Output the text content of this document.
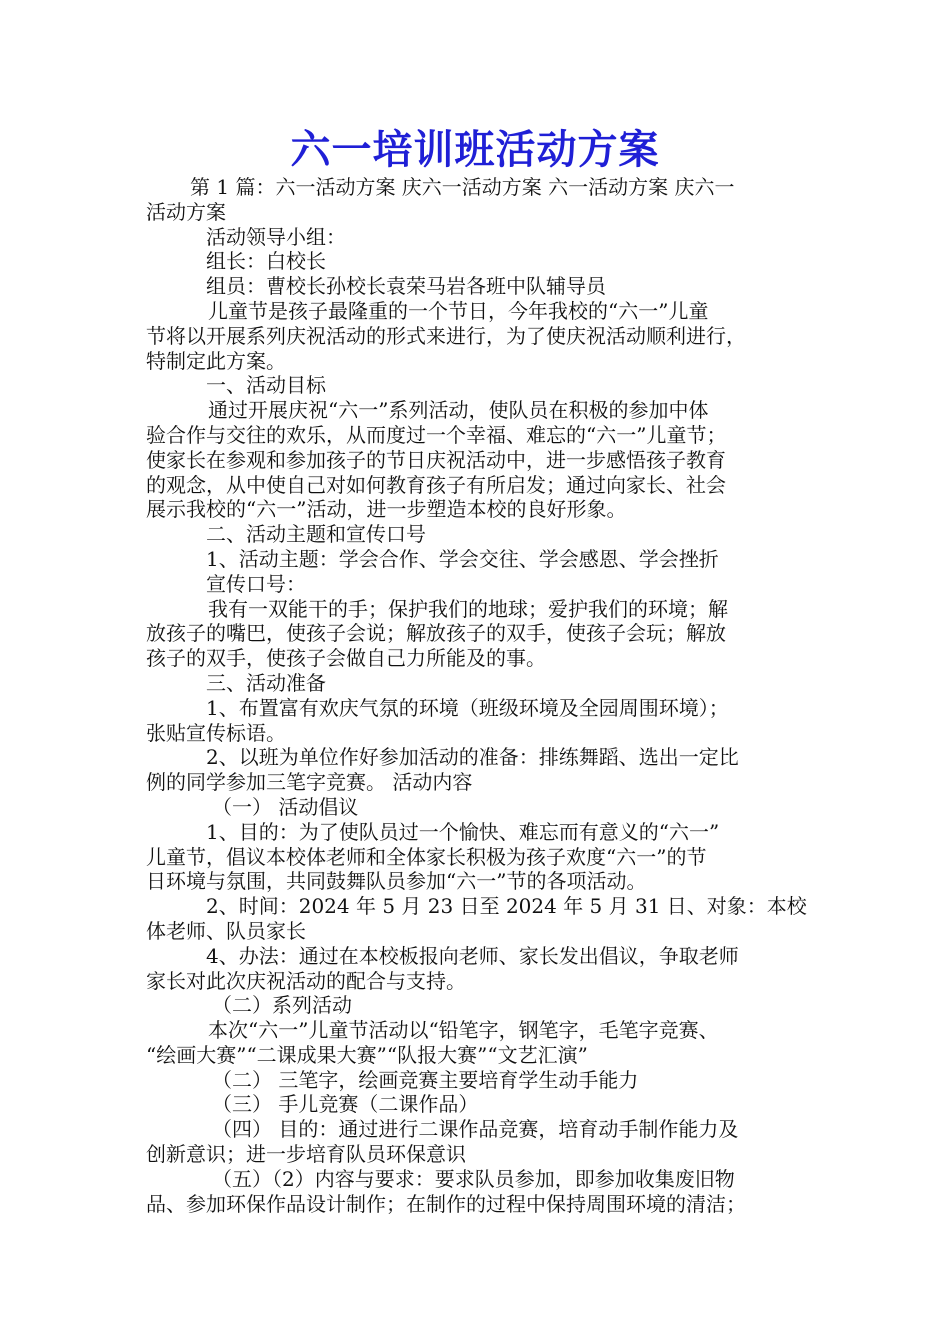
六一培训班活动方案
第 1 篇：六一活动方案 庆六一活动方案 六一活动方案 庆六一
活动方案
活动领导小组：
组长：白校长
组员：曹校长孙校长袁荣马岩各班中队辅导员
儿童节是孩子最隆重的一个节日，今年我校的“六一”儿童
节将以开展系列庆祝活动的形式来进行，为了使庆祝活动顺利进行，
特制定此方案。
一、活动目标
通过开展庆祝“六一”系列活动，使队员在积极的参加中体
验合作与交往的欢乐，从而度过一个幸福、难忘的“六一”儿童节；
使家长在参观和参加孩子的节日庆祝活动中，进一步感悟孩子教育
的观念，从中使自己对如何教育孩子有所启发；通过向家长、社会
展示我校的“六一”活动，进一步塑造本校的良好形象。
二、活动主题和宣传口号
1、活动主题：学会合作、学会交往、学会感恩、学会挫折
宣传口号：
我有一双能干的手；保护我们的地球；爱护我们的环境；解
放孩子的嘴巴，使孩子会说；解放孩子的双手，使孩子会玩；解放
孩子的双手，使孩子会做自己力所能及的事。
三、活动准备
1、布置富有欢庆气氛的环境（班级环境及全园周围环境）；
张贴宣传标语。
2、以班为单位作好参加活动的准备：排练舞蹈、选出一定比
例的同学参加三笔字竞赛。 活动内容
（一） 活动倡议
1、目的：为了使队员过一个愉快、难忘而有意义的“六一”
儿童节，倡议本校体老师和全体家长积极为孩子欢度“六一”的节
日环境与氛围，共同鼓舞队员参加“六一”节的各项活动。
2、时间：2024 年 5 月 23 日至 2024 年 5 月 31 日、对象：本校
体老师、队员家长
4、办法：通过在本校板报向老师、家长发出倡议，争取老师
家长对此次庆祝活动的配合与支持。
（二）系列活动
本次“六一”儿童节活动以“铅笔字，钢笔字，毛笔字竞赛、
“绘画大赛”“二课成果大赛”“队报大赛”“文艺汇演”
（二） 三笔字，绘画竞赛主要培育学生动手能力
（三） 手儿竞赛（二课作品）
（四） 目的：通过进行二课作品竞赛，培育动手制作能力及
创新意识；进一步培育队员环保意识
（五）（2）内容与要求：要求队员参加，即参加收集废旧物
品、参加环保作品设计制作；在制作的过程中保持周围环境的清洁；
